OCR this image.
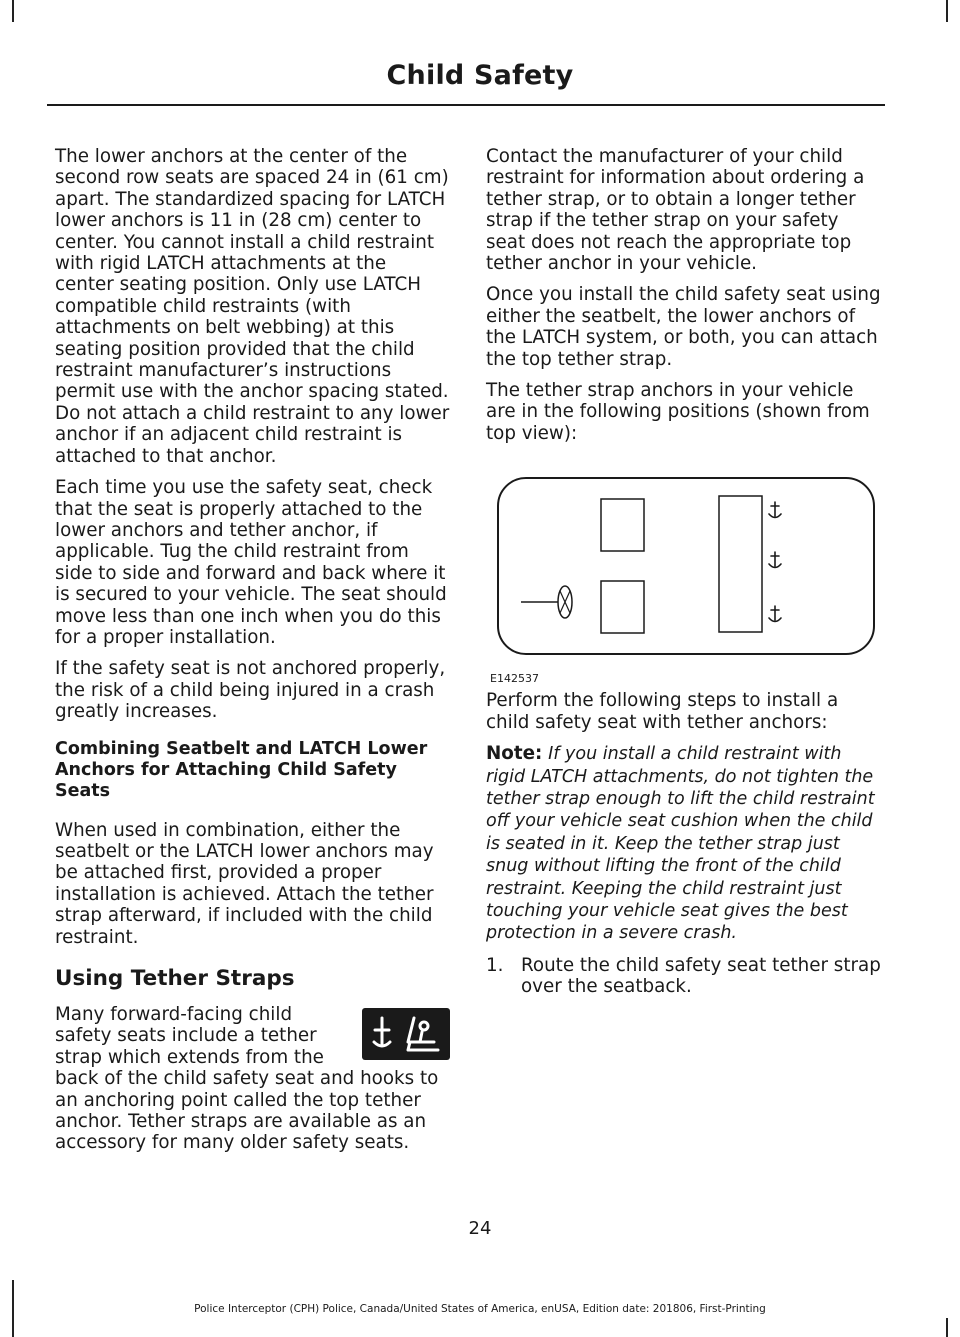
Child Safety

The lower anchors at the center of the second row seats are spaced 24 in (61 cm) apart. The standardized spacing for LATCH lower anchors is 11 in (28 cm) center to center. You cannot install a child restraint with rigid LATCH attachments at the center seating position. Only use LATCH compatible child restraints (with attachments on belt webbing) at this seating position provided that the child restraint manufacturer’s instructions permit use with the anchor spacing stated. Do not attach a child restraint to any lower anchor if an adjacent child restraint is attached to that anchor.

Each time you use the safety seat, check that the seat is properly attached to the lower anchors and tether anchor, if applicable. Tug the child restraint from side to side and forward and back where it is secured to your vehicle. The seat should move less than one inch when you do this for a proper installation.

If the safety seat is not anchored properly, the risk of a child being injured in a crash greatly increases.

Combining Seatbelt and LATCH Lower Anchors for Attaching Child Safety Seats

When used in combination, either the seatbelt or the LATCH lower anchors may be attached first, provided a proper installation is achieved. Attach the tether strap afterward, if included with the child restraint.

Using Tether Straps

Many forward-facing child safety seats include a tether strap which extends from the back of the child safety seat and hooks to an anchoring point called the top tether anchor. Tether straps are available as an accessory for many older safety seats.

Contact the manufacturer of your child restraint for information about ordering a tether strap, or to obtain a longer tether strap if the tether strap on your safety seat does not reach the appropriate top tether anchor in your vehicle.

Once you install the child safety seat using either the seatbelt, the lower anchors of the LATCH system, or both, you can attach the top tether strap.

The tether strap anchors in your vehicle are in the following positions (shown from top view):

E142537

Perform the following steps to install a child safety seat with tether anchors:

Note: If you install a child restraint with rigid LATCH attachments, do not tighten the tether strap enough to lift the child restraint off your vehicle seat cushion when the child is seated in it. Keep the tether strap just snug without lifting the front of the child restraint. Keeping the child restraint just touching your vehicle seat gives the best protection in a severe crash.

1. Route the child safety seat tether strap over the seatback.
24
Police Interceptor (CPH) Police, Canada/United States of America, enUSA, Edition date: 201806, First-Printing
